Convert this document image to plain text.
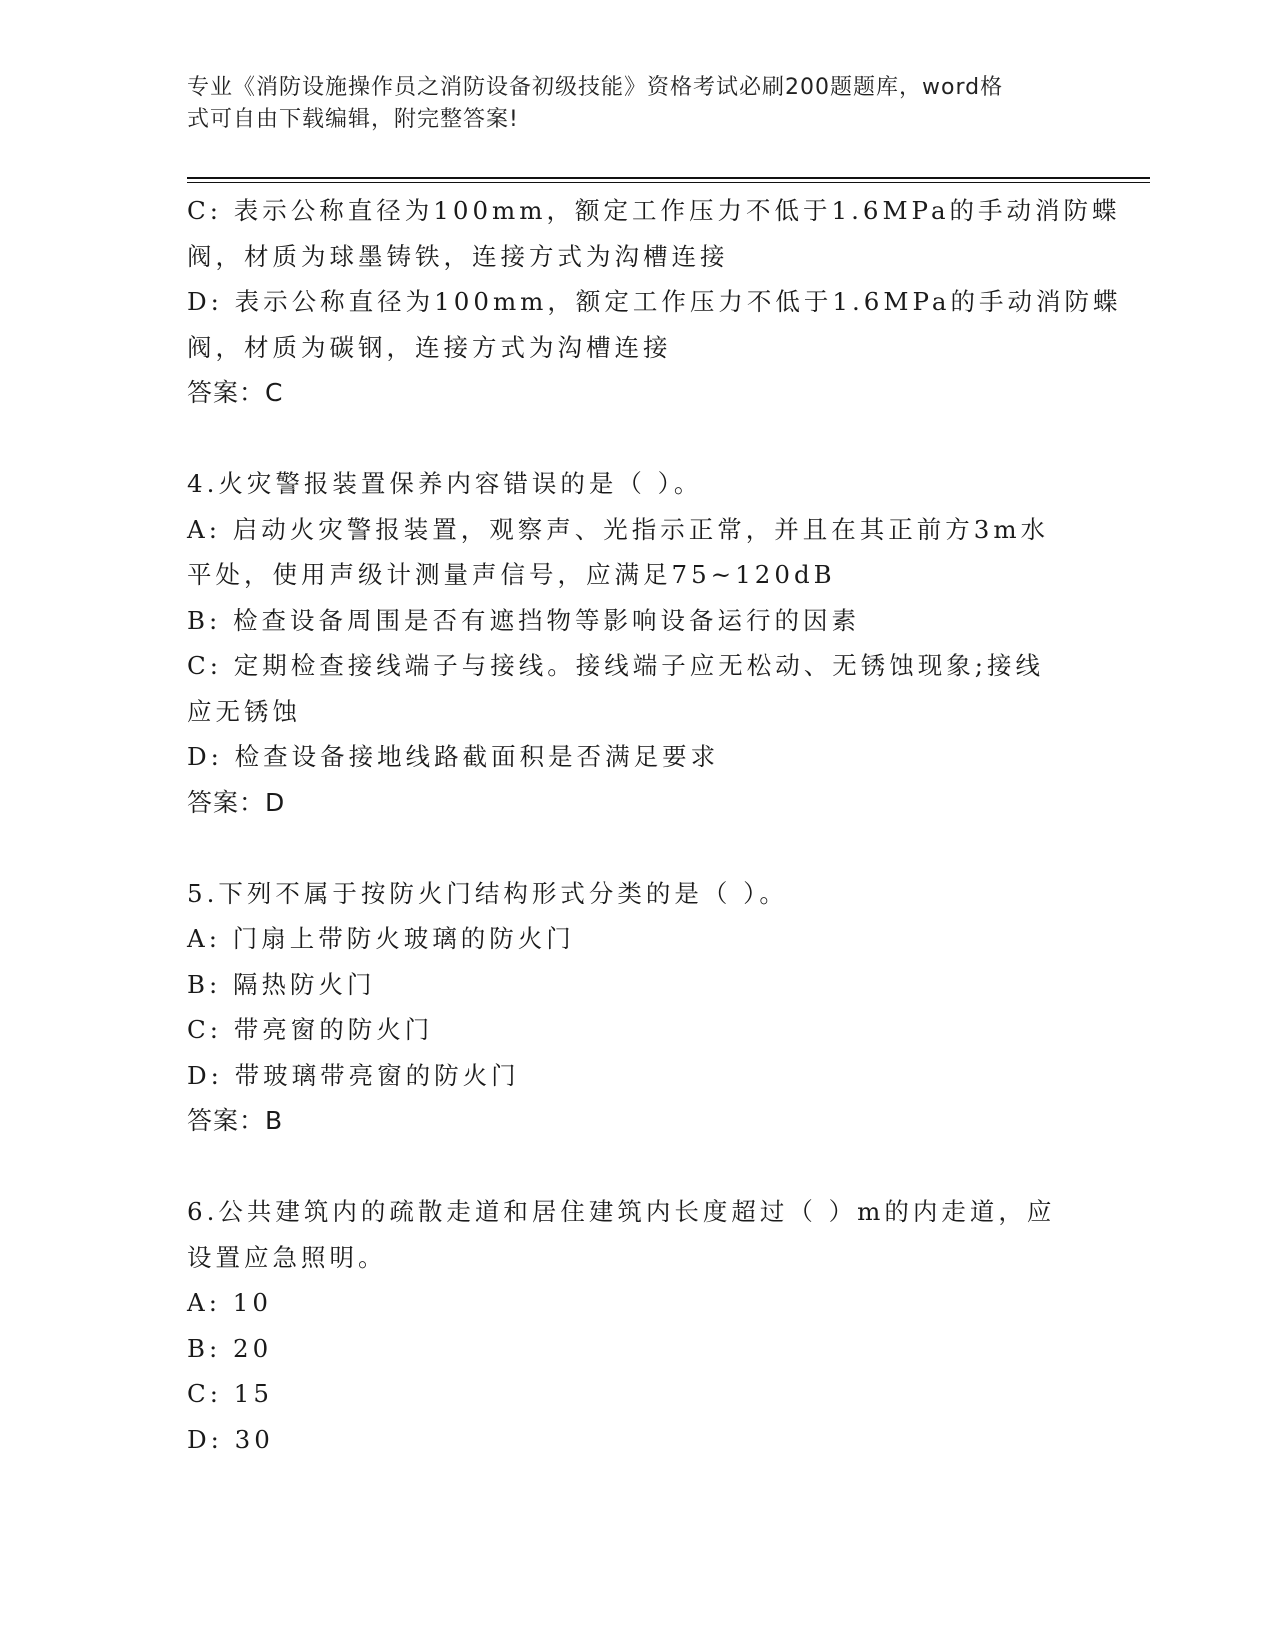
专业《消防设施操作员之消防设备初级技能》资格考试必刷200题题库，word格
式可自由下载编辑，附完整答案!
C: 表示公称直径为100mm，额定工作压力不低于1.6MPa的手动消防蝶
阀，材质为球墨铸铁，连接方式为沟槽连接
D: 表示公称直径为100mm，额定工作压力不低于1.6MPa的手动消防蝶
阀，材质为碳钢，连接方式为沟槽连接
答案：C
4.火灾警报装置保养内容错误的是（ ）。
A: 启动火灾警报装置，观察声、光指示正常，并且在其正前方3m水
平处，使用声级计测量声信号，应满足75~120dB
B: 检查设备周围是否有遮挡物等影响设备运行的因素
C: 定期检查接线端子与接线。接线端子应无松动、无锈蚀现象;接线
应无锈蚀
D: 检查设备接地线路截面积是否满足要求
答案：D
5.下列不属于按防火门结构形式分类的是（ ）。
A: 门扇上带防火玻璃的防火门
B: 隔热防火门
C: 带亮窗的防火门
D: 带玻璃带亮窗的防火门
答案：B
6.公共建筑内的疏散走道和居住建筑内长度超过（ ）m的内走道，应
设置应急照明。
A: 10
B: 20
C: 15
D: 30
